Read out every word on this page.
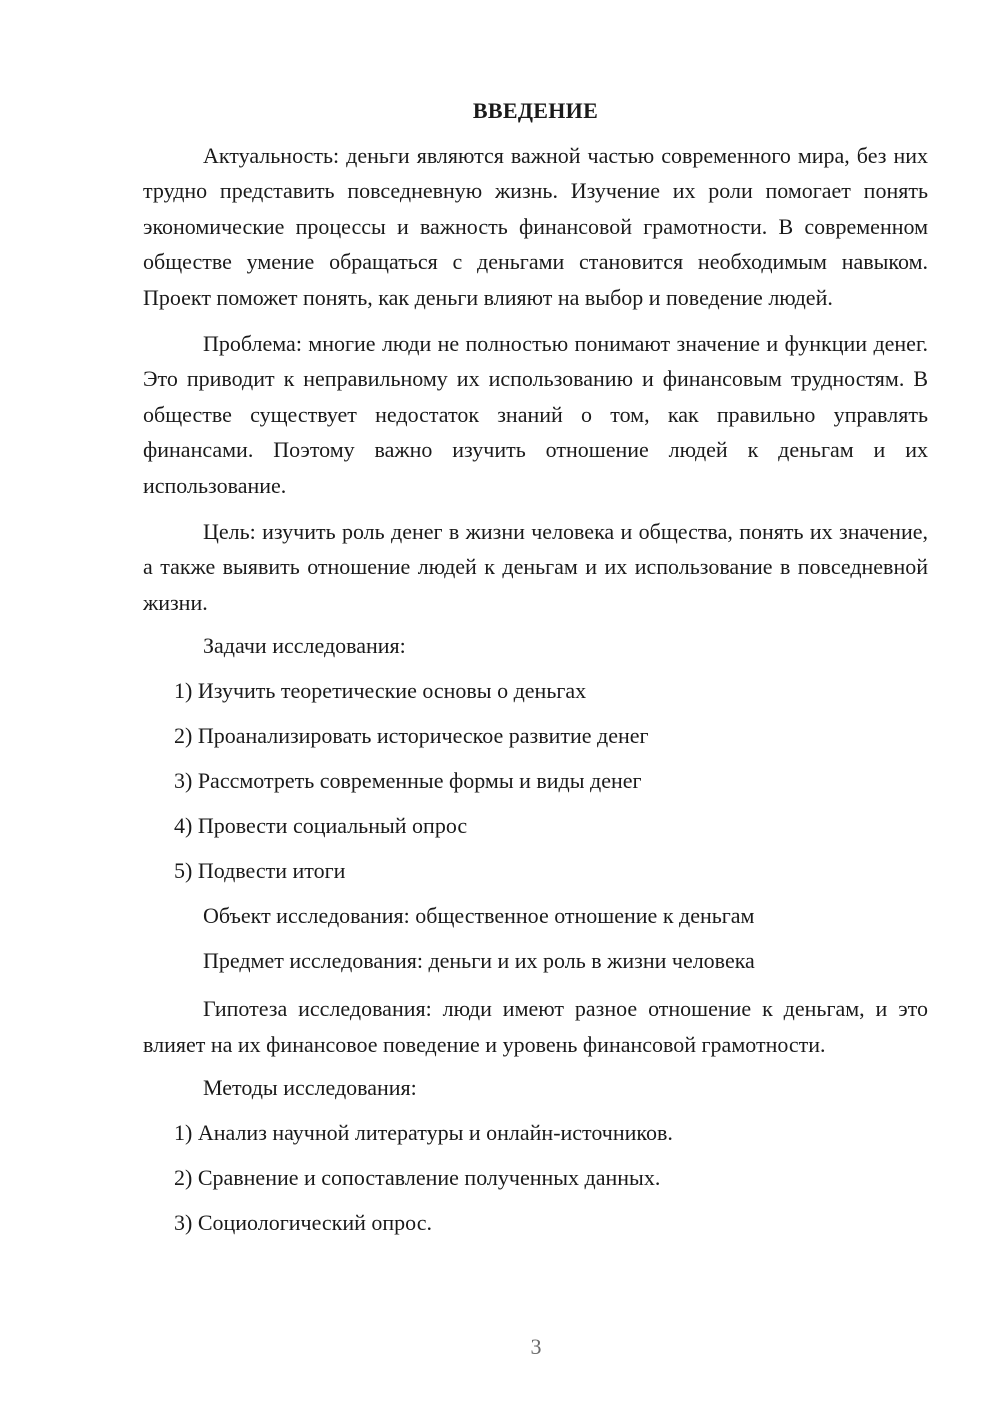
ВВЕДЕНИЕ

Актуальность: деньги являются важной частью современного мира, без них трудно представить повседневную жизнь. Изучение их роли помогает понять экономические процессы и важность финансовой грамотности. В современном обществе умение обращаться с деньгами становится необходимым навыком. Проект поможет понять, как деньги влияют на выбор и поведение людей.

Проблема: многие люди не полностью понимают значение и функции денег. Это приводит к неправильному их использованию и финансовым трудностям. В обществе существует недостаток знаний о том, как правильно управлять финансами. Поэтому важно изучить отношение людей к деньгам и их использование.

Цель: изучить роль денег в жизни человека и общества, понять их значение, а также выявить отношение людей к деньгам и их использование в повседневной жизни.

Задачи исследования:
1) Изучить теоретические основы о деньгах
2) Проанализировать историческое развитие денег
3) Рассмотреть современные формы и виды денег
4) Провести социальный опрос
5) Подвести итоги
Объект исследования: общественное отношение к деньгам
Предмет исследования: деньги и их роль в жизни человека

Гипотеза исследования: люди имеют разное отношение к деньгам, и это влияет на их финансовое поведение и уровень финансовой грамотности.

Методы исследования:
1) Анализ научной литературы и онлайн-источников.
2) Сравнение и сопоставление полученных данных.
3) Социологический опрос.
3
